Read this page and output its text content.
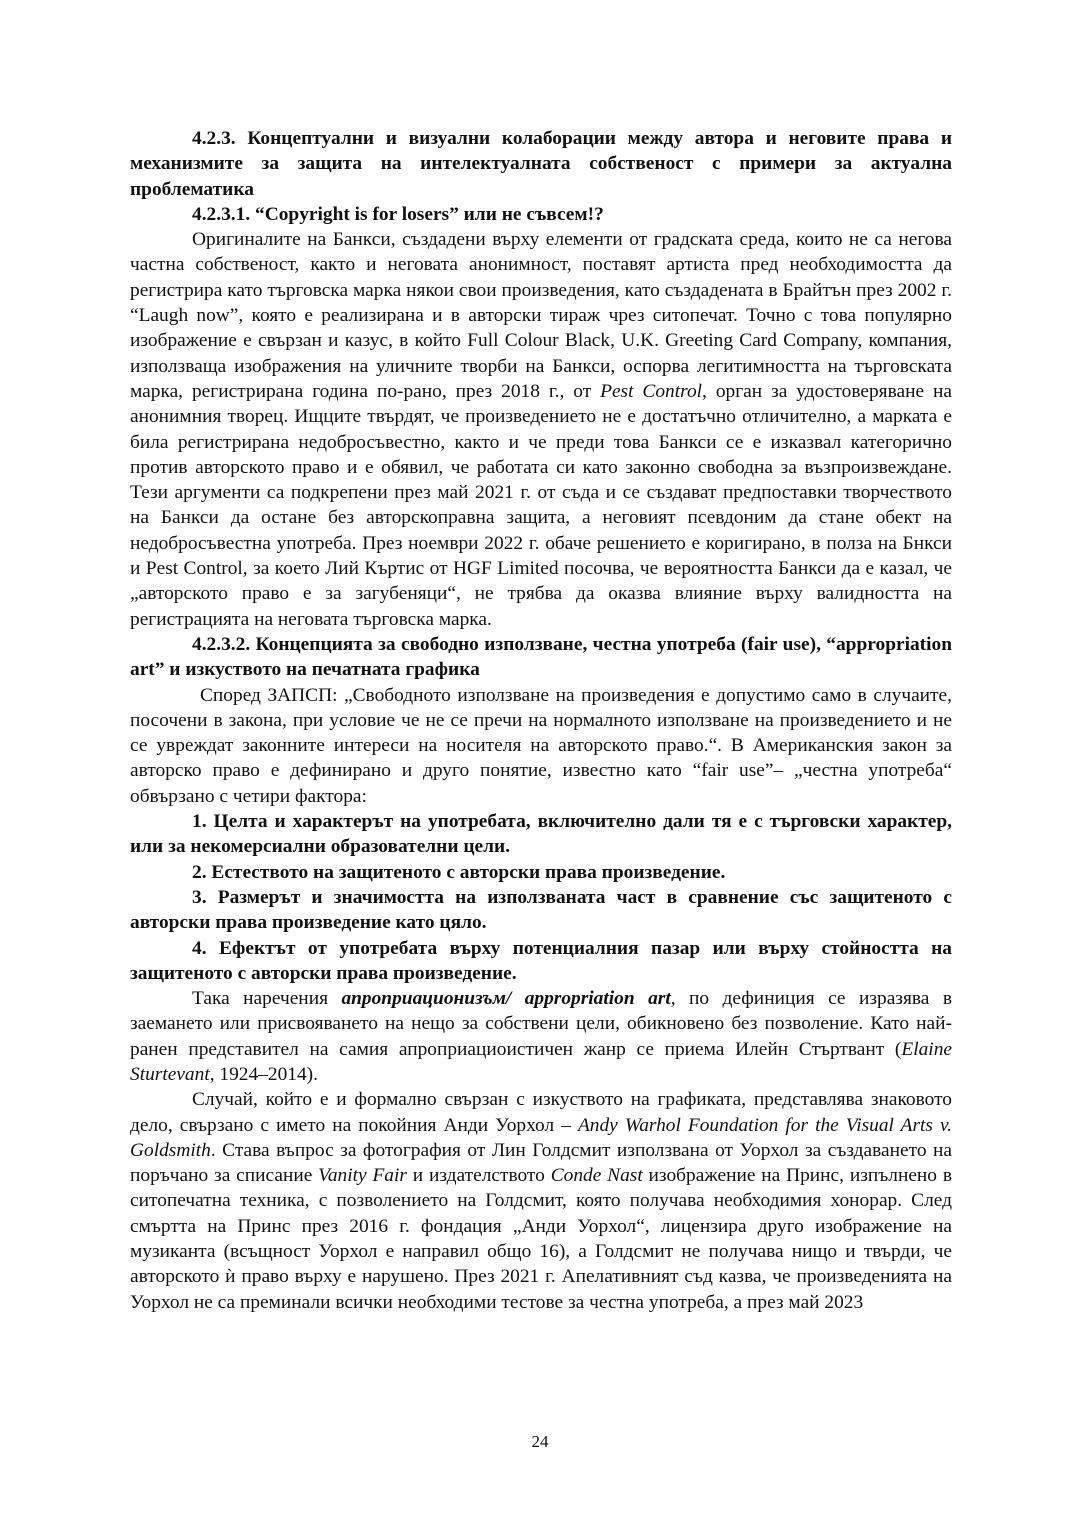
4.2.3. Концептуални и визуални колаборации между автора и неговите права и механизмите за защита на интелектуалната собственост с примери за актуална проблематика

4.2.3.1. “Copyright is for losers” или не съвсем!?

Оригиналите на Банкси, създадени върху елементи от градската среда, които не са негова частна собственост, както и неговата анонимност, поставят артиста пред необходимостта да регистрира като търговска марка някои свои произведения, като създадената в Брайтън през 2002 г. “Laugh now”, която е реализирана и в авторски тираж чрез ситопечат. Точно с това популярно изображение е свързан и казус, в който Full Colour Black, U.K. Greeting Card Company, компания, използваща изображения на уличните творби на Банкси, оспорва легитимността на търговската марка, регистрирана година по-рано, през 2018 г., от Pest Control, орган за удостоверяване на анонимния творец. Ищците твърдят, че произведението не е достатъчно отличително, а марката е била регистрирана недобросъвестно, както и че преди това Банкси се е изказвал категорично против авторското право и е обявил, че работата си като законно свободна за възпроизвеждане. Тези аргументи са подкрепени през май 2021 г. от съда и се създават предпоставки творчеството на Банкси да остане без авторскоправна защита, а неговият псевдоним да стане обект на недобросъвестна употреба. През ноември 2022 г. обаче решението е коригирано, в полза на Бнкси и Pest Control, за което Лий Къртис от HGF Limited посочва, че вероятността Банкси да е казал, че „авторското право е за загубеняци“, не трябва да оказва влияние върху валидността на регистрацията на неговата търговска марка.

4.2.3.2. Концепцията за свободно използване, честна употреба (fair use), “appropriation art” и изкуството на печатната графика

Според ЗАПСП: „Свободното използване на произведения е допустимо само в случаите, посочени в закона, при условие че не се пречи на нормалното използване на произведението и не се увреждат законните интереси на носителя на авторското право.“. В Американския закон за авторско право е дефинирано и друго понятие, известно като “fair use”– „честна употреба“ обвързано с четири фактора:

1. Целта и характерът на употребата, включително дали тя е с търговски характер, или за некомерсиални образователни цели.

2. Естеството на защитеното с авторски права произведение.

3. Размерът и значимостта на използваната част в сравнение със защитеното с авторски права произведение като цяло.

4. Ефектът от употребата върху потенциалния пазар или върху стойността на защитеното с авторски права произведение.

Така наречения апроприационизъм/ appropriation art, по дефиниция се изразява в заемането или присвояването на нещо за собствени цели, обикновено без позволение. Като най-ранен представител на самия апроприациоистичен жанр се приема Илейн Стъртвант (Elaine Sturtevant, 1924–2014).

Случай, който е и формално свързан с изкуството на графиката, представлява знаковото дело, свързано с името на покойния Анди Уорхол – Andy Warhol Foundation for the Visual Arts v. Goldsmith. Става въпрос за фотография от Лин Голдсмит използвана от Уорхол за създаването на поръчано за списание Vanity Fair и издателството Conde Nast изображение на Принс, изпълнено в ситопечатна техника, с позволението на Голдсмит, която получава необходимия хонорар. След смъртта на Принс през 2016 г. фондация „Анди Уорхол“, лицензира друго изображение на музиканта (всъщност Уорхол е направил общо 16), а Голдсмит не получава нищо и твърди, че авторското ѝ право върху е нарушено. През 2021 г. Апелативният съд казва, че произведенията на Уорхол не са преминали всички необходими тестове за честна употреба, а през май 2023

24
